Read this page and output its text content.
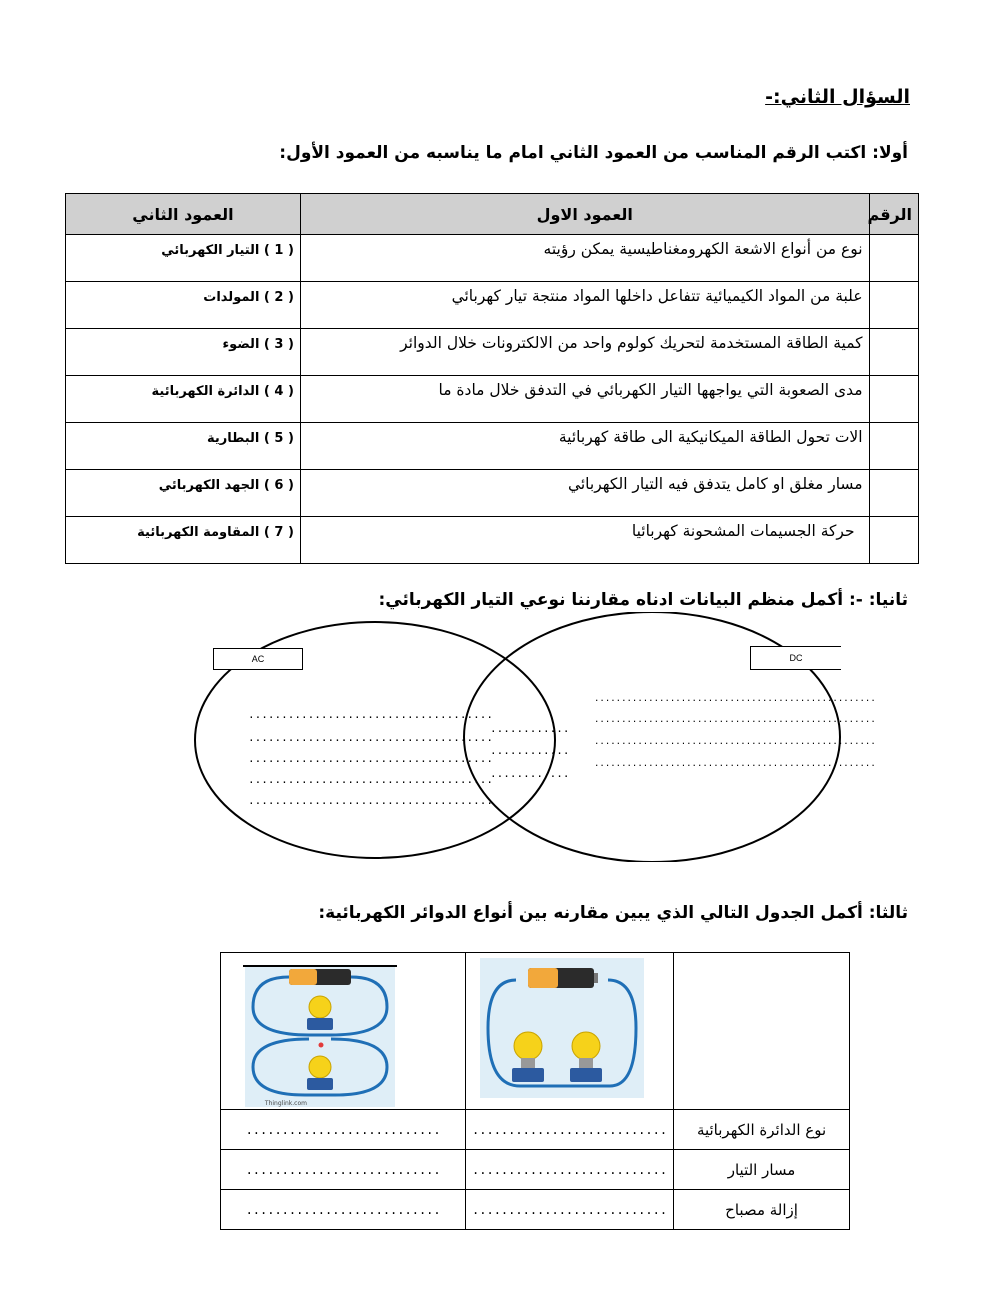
السؤال الثاني:-
أولا: اكتب الرقم المناسب من العمود الثاني امام ما يناسبه من العمود الأول:
الرقم	العمود الاول	العمود الثاني
	نوع من أنواع الاشعة الكهرومغناطيسية يمكن رؤيته	( 1 ) التيار الكهربائي
	علبة من المواد الكيميائية تتفاعل داخلها المواد منتجة تيار كهربائي	( 2 ) المولدات
	كمية الطاقة المستخدمة لتحريك كولوم واحد من الالكترونات خلال الدوائر	( 3 ) الضوء
	مدى الصعوبة التي يواجهها التيار الكهربائي في التدفق خلال مادة ما	( 4 ) الدائرة الكهربائية
	الات تحول الطاقة الميكانيكية الى طاقة كهربائية	( 5 ) البطارية
	مسار مغلق او كامل يتدفق فيه التيار الكهربائي	( 6 ) الجهد الكهربائي
	حركة الجسيمات المشحونة كهربائيا	( 7 ) المقاومة الكهربائية
ثانيا: -: أكمل منظم البيانات ادناه مقارننا نوعي التيار الكهربائي:
AC	DC
.....................................
.....................................
.....................................
.....................................
.....................................
............
............
............
....................................................
....................................................
....................................................
....................................................
ثالثا: أكمل الجدول التالي الذي يبين مقارنه بين أنواع الدوائر الكهربائية:

Thinglink.com

نوع الدائرة الكهربائية	...........................	...........................

مسار التيار	...........................	...........................

إزالة مصباح	...........................	...........................
